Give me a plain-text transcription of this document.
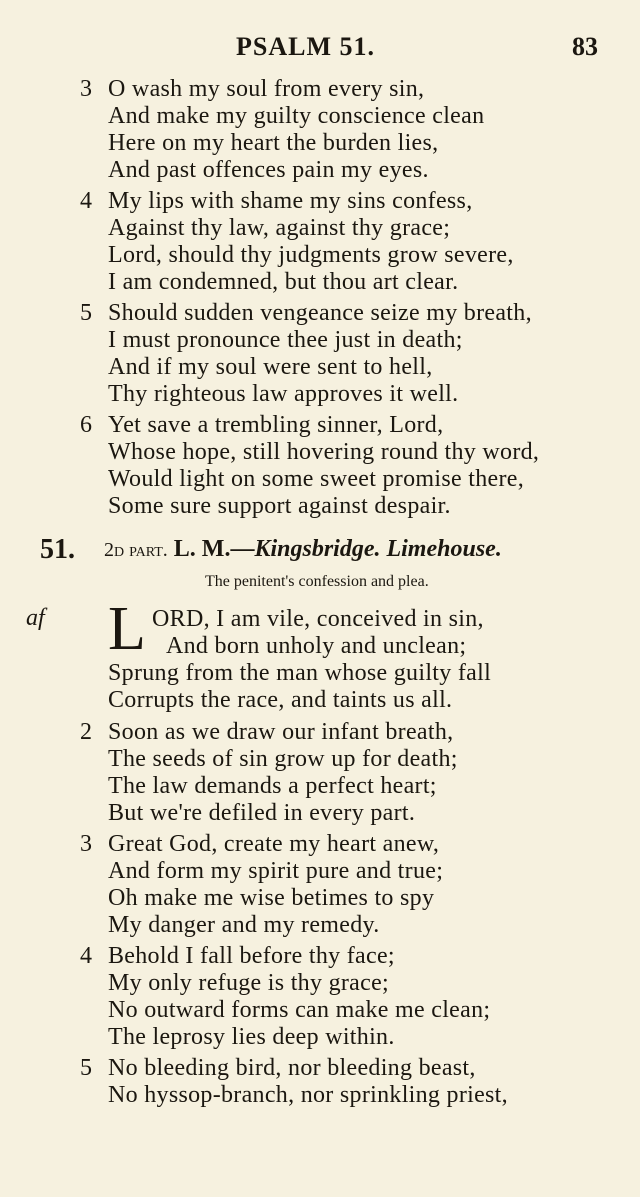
PSALM 51.	83
3 O wash my soul from every sin,
And make my guilty conscience clean
Here on my heart the burden lies,
And past offences pain my eyes.
4 My lips with shame my sins confess,
Against thy law, against thy grace;
Lord, should thy judgments grow severe,
I am condemned, but thou art clear.
5 Should sudden vengeance seize my breath,
I must pronounce thee just in death;
And if my soul were sent to hell,
Thy righteous law approves it well.
6 Yet save a trembling sinner, Lord,
Whose hope, still hovering round thy word,
Would light on some sweet promise there,
Some sure support against despair.
51. 2d part. L. M.—Kingsbridge. Limehouse.
The penitent's confession and plea.
af L ORD, I am vile, conceived in sin,
And born unholy and unclean;
Sprung from the man whose guilty fall
Corrupts the race, and taints us all.
2 Soon as we draw our infant breath,
The seeds of sin grow up for death;
The law demands a perfect heart;
But we're defiled in every part.
3 Great God, create my heart anew,
And form my spirit pure and true;
Oh make me wise betimes to spy
My danger and my remedy.
4 Behold I fall before thy face;
My only refuge is thy grace;
No outward forms can make me clean;
The leprosy lies deep within.
5 No bleeding bird, nor bleeding beast,
No hyssop-branch, nor sprinkling priest,
